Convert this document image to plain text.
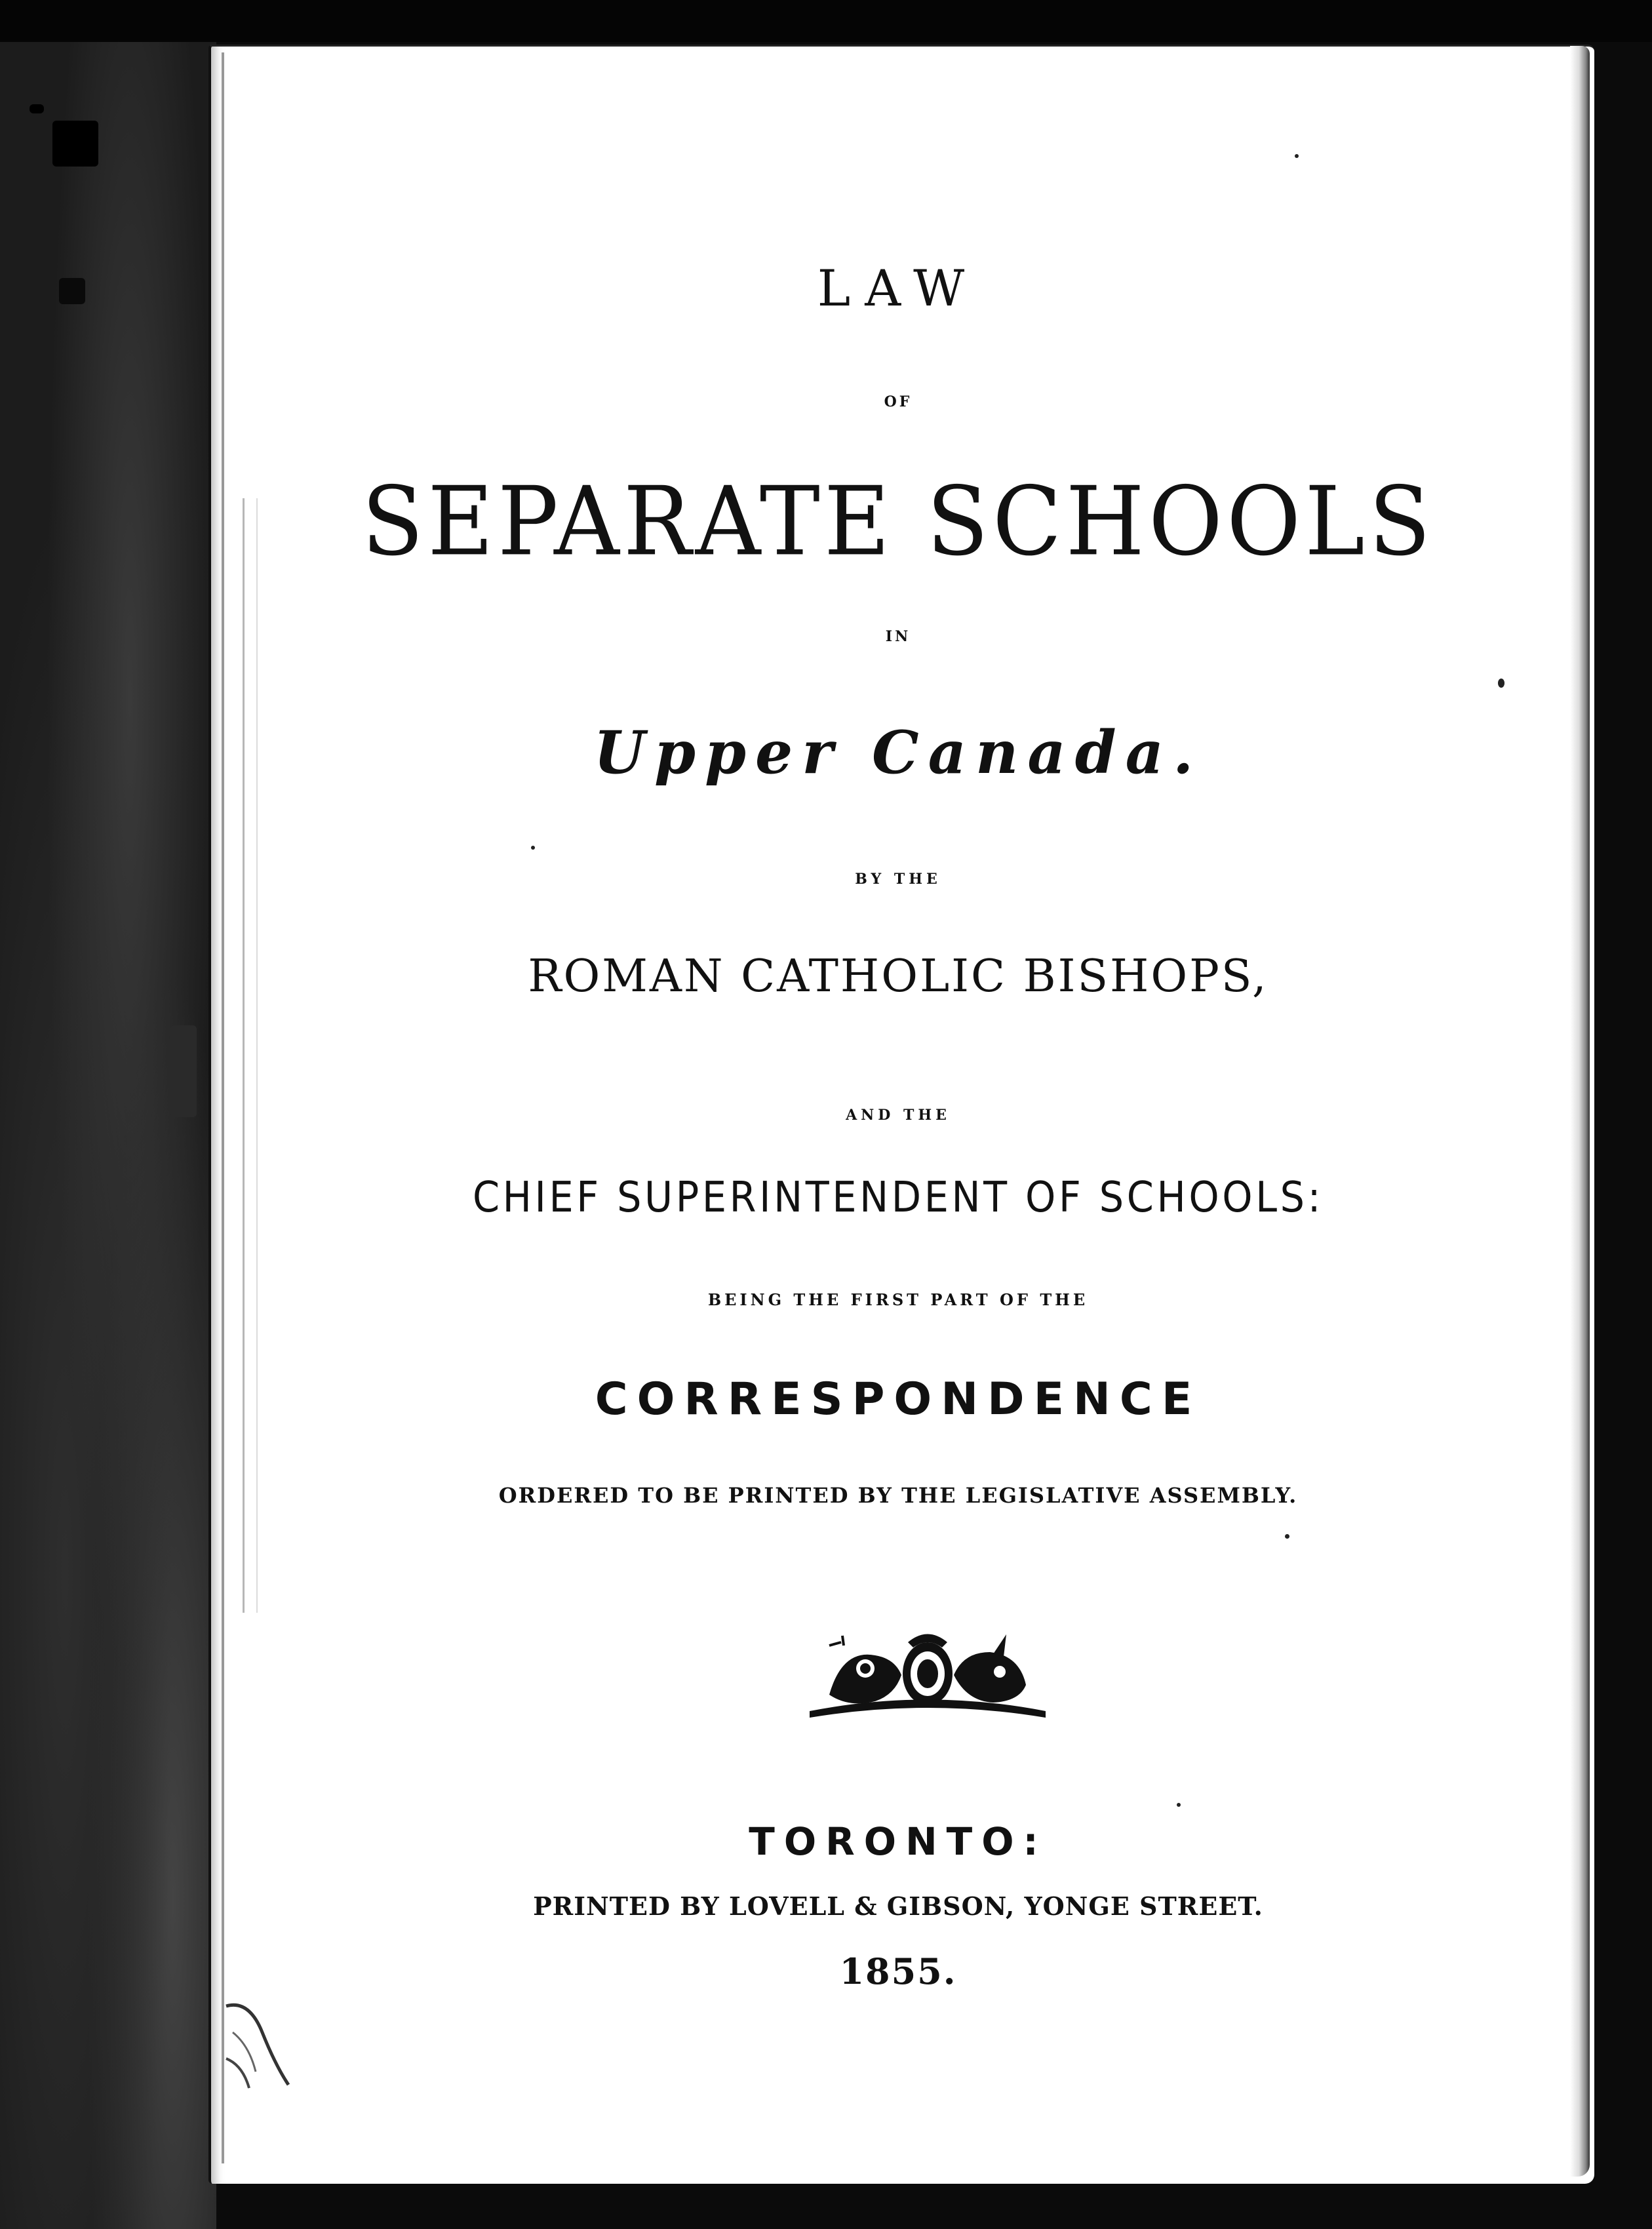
LAW

OF

SEPARATE SCHOOLS

IN

Upper Canada.

BY THE

ROMAN CATHOLIC BISHOPS,

AND THE

CHIEF SUPERINTENDENT OF SCHOOLS:

BEING THE FIRST PART OF THE

CORRESPONDENCE

ORDERED TO BE PRINTED BY THE LEGISLATIVE ASSEMBLY.

TORONTO:

PRINTED BY LOVELL & GIBSON, YONGE STREET.

1855.
